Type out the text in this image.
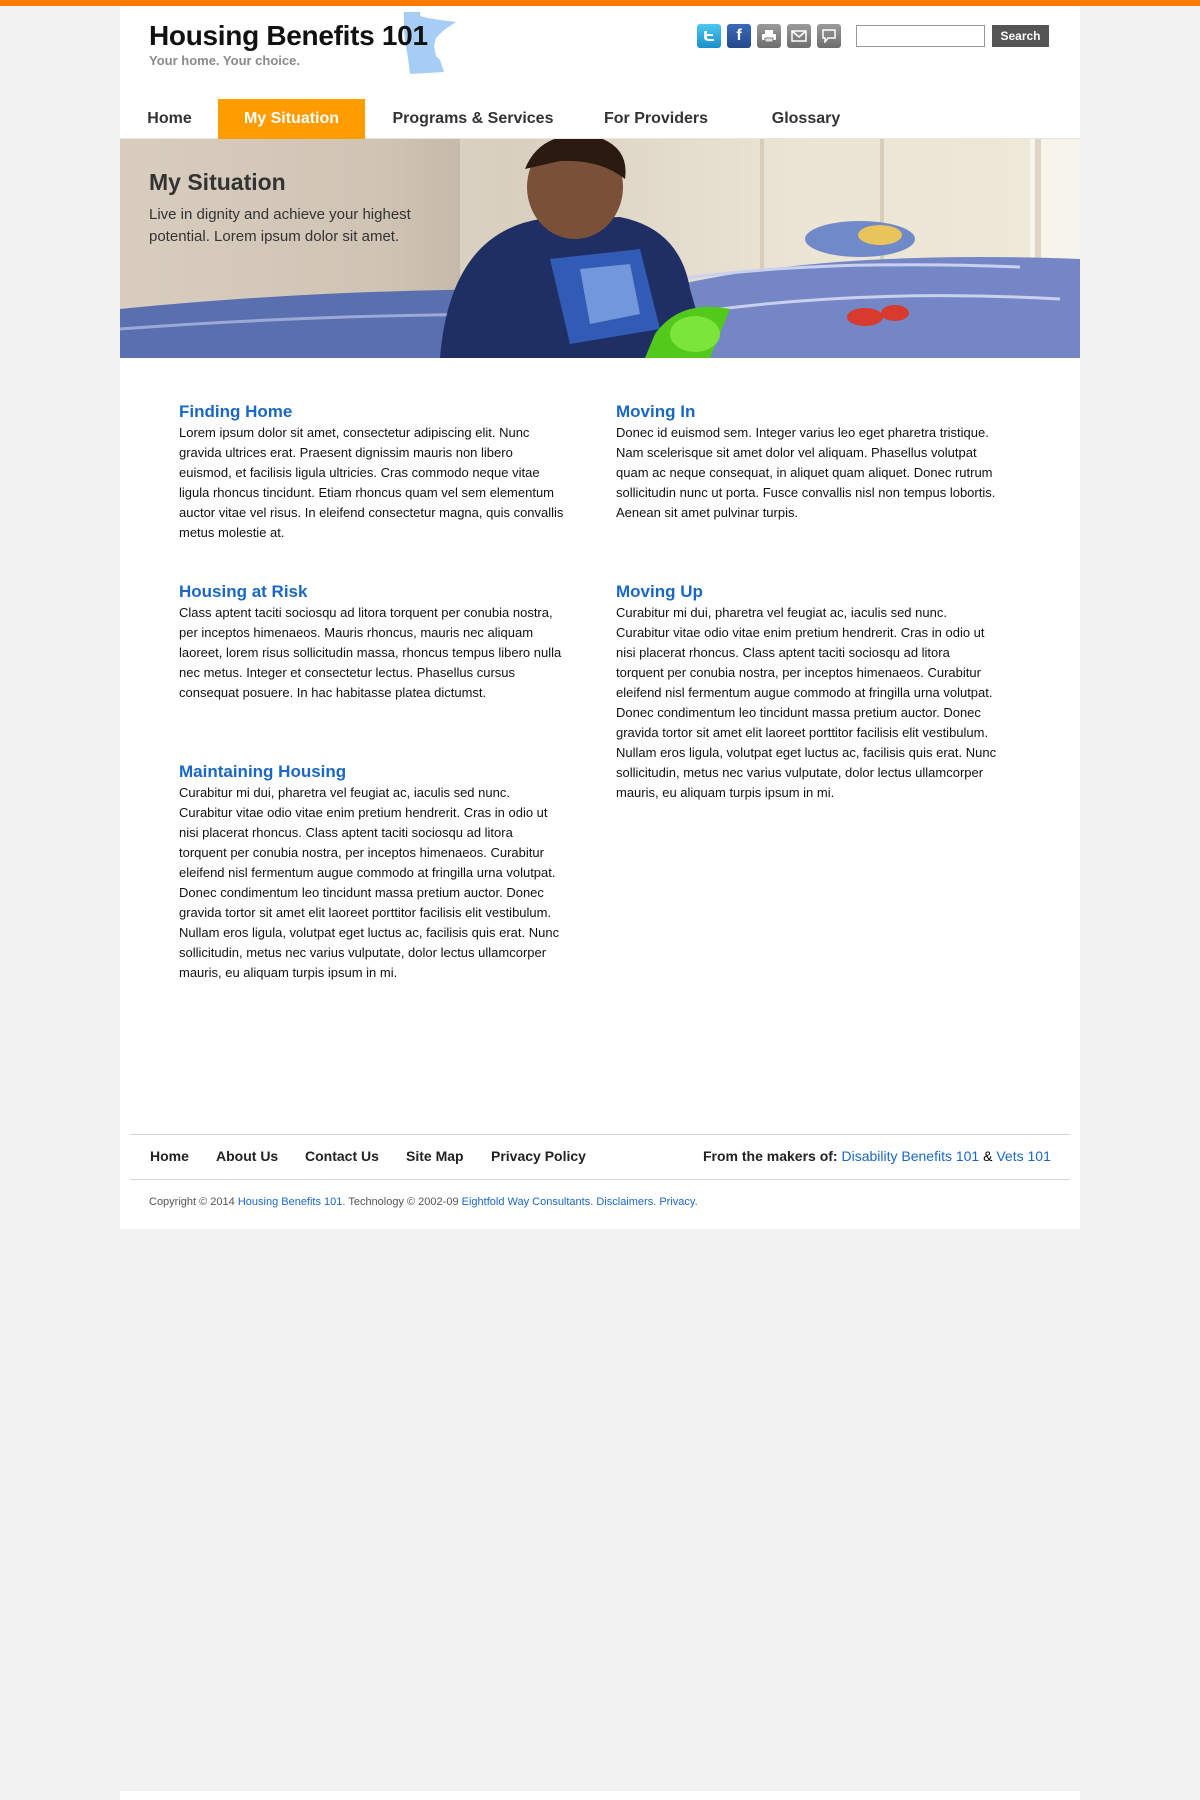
Housing Benefits 101
Your home. Your choice.
f	Search
Home	My Situation	Programs & Services	For Providers	Glossary
My Situation
Live in dignity and achieve your highest potential. Lorem ipsum dolor sit amet.
Finding Home

Lorem ipsum dolor sit amet, consectetur adipiscing elit. Nunc gravida ultrices erat. Praesent dignissim mauris non libero euismod, et facilisis ligula ultricies. Cras commodo neque vitae ligula rhoncus tincidunt. Etiam rhoncus quam vel sem elementum auctor vitae vel risus. In eleifend consectetur magna, quis convallis metus molestie at.

Moving In

Donec id euismod sem. Integer varius leo eget pharetra tristique. Nam scelerisque sit amet dolor vel aliquam. Phasellus volutpat quam ac neque consequat, in aliquet quam aliquet. Donec rutrum sollicitudin nunc ut porta. Fusce convallis nisl non tempus lobortis. Aenean sit amet pulvinar turpis.

Housing at Risk

Class aptent taciti sociosqu ad litora torquent per conubia nostra, per inceptos himenaeos. Mauris rhoncus, mauris nec aliquam laoreet, lorem risus sollicitudin massa, rhoncus tempus libero nulla nec metus. Integer et consectetur lectus. Phasellus cursus consequat posuere. In hac habitasse platea dictumst.

Moving Up

Curabitur mi dui, pharetra vel feugiat ac, iaculis sed nunc. Curabitur vitae odio vitae enim pretium hendrerit. Cras in odio ut nisi placerat rhoncus. Class aptent taciti sociosqu ad litora torquent per conubia nostra, per inceptos himenaeos. Curabitur eleifend nisl fermentum augue commodo at fringilla urna volutpat.

Donec condimentum leo tincidunt massa pretium auctor. Donec gravida tortor sit amet elit laoreet porttitor facilisis elit vestibulum. Nullam eros ligula, volutpat eget luctus ac, facilisis quis erat. Nunc sollicitudin, metus nec varius vulputate, dolor lectus ullamcorper mauris, eu aliquam turpis ipsum in mi.

Maintaining Housing

Curabitur mi dui, pharetra vel feugiat ac, iaculis sed nunc. Curabitur vitae odio vitae enim pretium hendrerit. Cras in odio ut nisi placerat rhoncus. Class aptent taciti sociosqu ad litora torquent per conubia nostra, per inceptos himenaeos. Curabitur eleifend nisl fermentum augue commodo at fringilla urna volutpat.

Donec condimentum leo tincidunt massa pretium auctor. Donec gravida tortor sit amet elit laoreet porttitor facilisis elit vestibulum. Nullam eros ligula, volutpat eget luctus ac, facilisis quis erat. Nunc sollicitudin, metus nec varius vulputate, dolor lectus ullamcorper mauris, eu aliquam turpis ipsum in mi.

Home About Us Contact Us Site Map Privacy Policy	From the makers of: Disability Benefits 101 & Vets 101
Copyright © 2014 Housing Benefits 101. Technology © 2002-09 Eightfold Way Consultants. Disclaimers. Privacy.
